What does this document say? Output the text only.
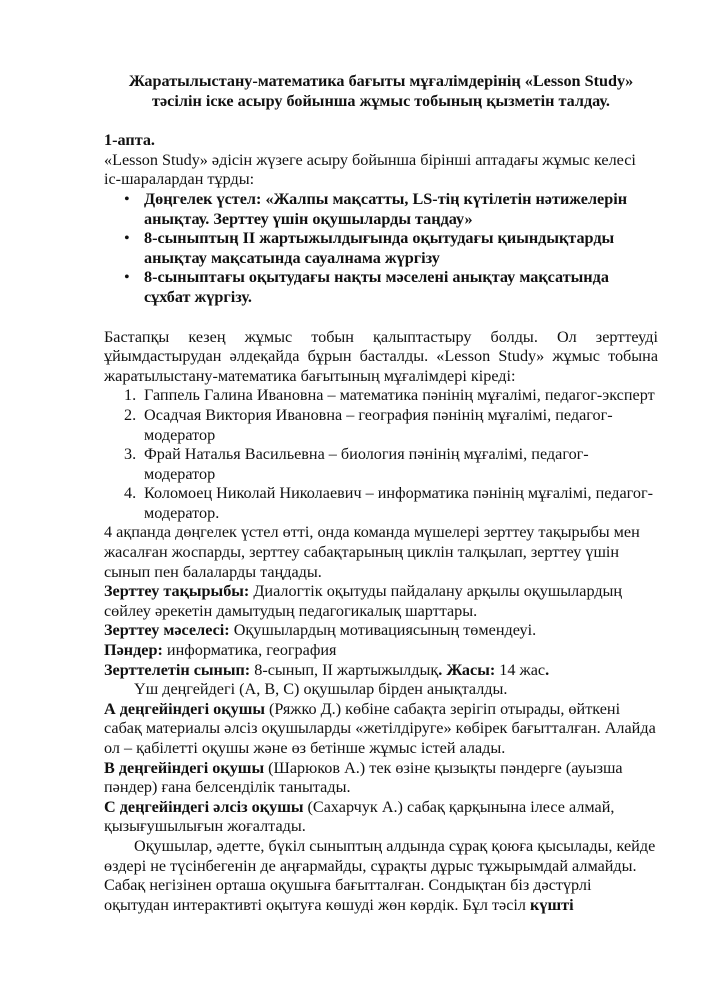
Жаратылыстану-математика бағыты мұғалімдерінің «Lesson Study»
тәсілін іске асыру бойынша жұмыс тобының қызметін талдау.
1-апта.
«Lesson Study» әдісін жүзеге асыру бойынша бірінші аптадағы жұмыс келесі
іс-шаралардан тұрды:
• Дөңгелек үстел: «Жалпы мақсатты, LS-тің күтілетін нәтижелерін анықтау. Зерттеу үшін оқушыларды таңдау»
• 8-сыныптың II жартыжылдығында оқытудағы қиындықтарды анықтау мақсатында сауалнама жүргізу
• 8-сыныптағы оқытудағы нақты мәселені анықтау мақсатында сұхбат жүргізу.

Бастапқы кезең жұмыс тобын қалыптастыру болды. Ол зерттеуді ұйымдастырудан әлдеқайда бұрын басталды. «Lesson Study» жұмыс тобына жаратылыстану-математика бағытының мұғалімдері кіреді:

1. Гаппель Галина Ивановна – математика пәнінің мұғалімі, педагог-эксперт
2. Осадчая Виктория Ивановна – география пәнінің мұғалімі, педагог-модератор
3. Фрай Наталья Васильевна – биология пәнінің мұғалімі, педагог-модератор
4. Коломоец Николай Николаевич – информатика пәнінің мұғалімі, педагог-модератор.

4 ақпанда дөңгелек үстел өтті, онда команда мүшелері зерттеу тақырыбы мен жасалған жоспарды, зерттеу сабақтарының циклін талқылап, зерттеу үшін сынып пен балаларды таңдады.

Зерттеу тақырыбы: Диалогтік оқытуды пайдалану арқылы оқушылардың сөйлеу әрекетін дамытудың педагогикалық шарттары.

Зерттеу мәселесі: Оқушылардың мотивациясының төмендеуі.

Пәндер: информатика, география

Зерттелетін сынып: 8-сынып, II жартыжылдық. Жасы: 14 жас.

Үш деңгейдегі (А, В, С) оқушылар бірден анықталды.

А деңгейіндегі оқушы (Ряжко Д.) көбіне сабақта зерігіп отырады, өйткені сабақ материалы әлсіз оқушыларды «жетілдіруге» көбірек бағытталған. Алайда ол – қабілетті оқушы және өз бетінше жұмыс істей алады.

В деңгейіндегі оқушы (Шарюков А.) тек өзіне қызықты пәндерге (ауызша пәндер) ғана белсенділік танытады.

С деңгейіндегі әлсіз оқушы (Сахарчук А.) сабақ қарқынына ілесе алмай, қызығушылығын жоғалтады.

Оқушылар, әдетте, бүкіл сыныптың алдында сұрақ қоюға қысылады, кейде өздері не түсінбегенін де аңғармайды, сұрақты дұрыс тұжырымдай алмайды. Сабақ негізінен орташа оқушыға бағытталған. Сондықтан біз дәстүрлі оқытудан интерактивті оқытуға көшуді жөн көрдік. Бұл тәсіл күшті
